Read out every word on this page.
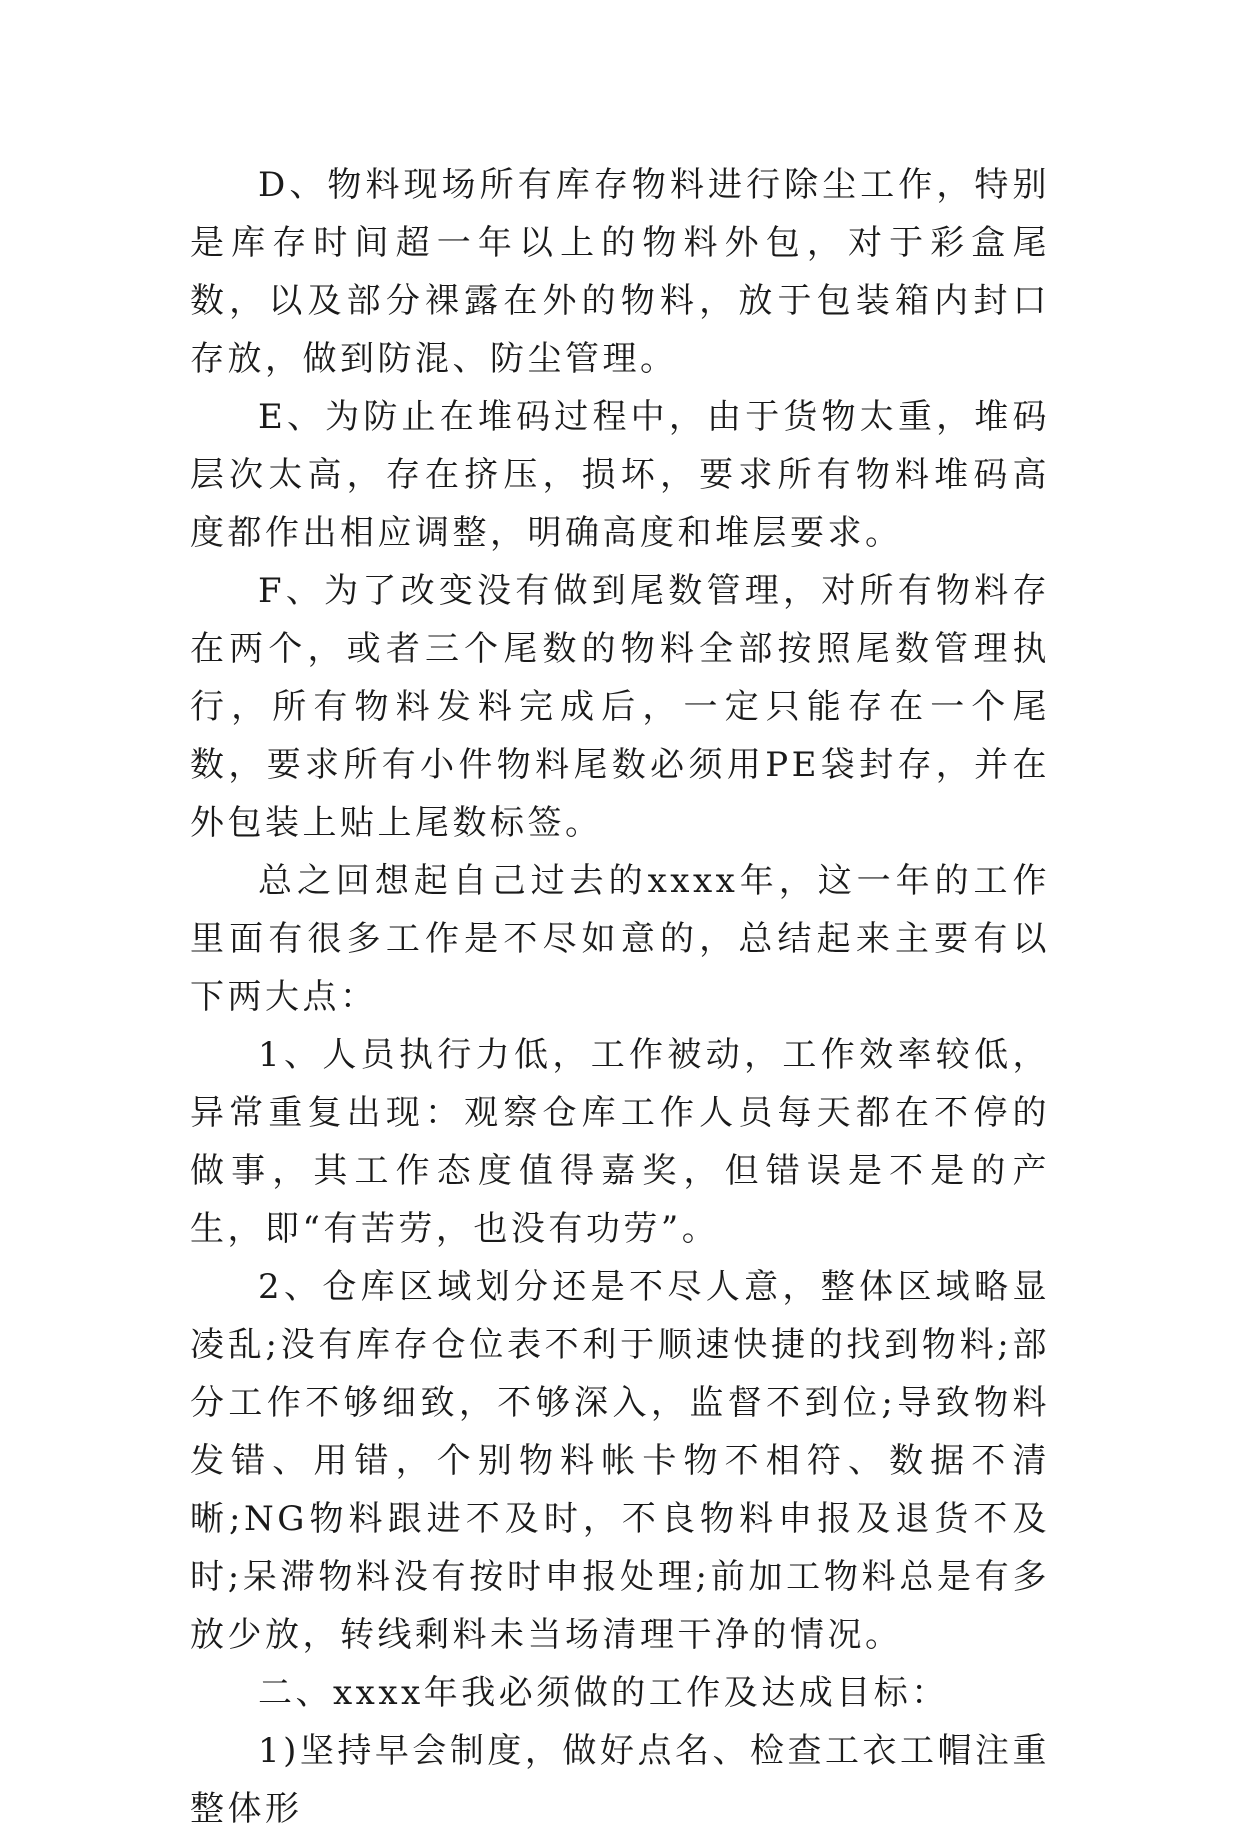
D、物料现场所有库存物料进行除尘工作，特别是库存时间超一年以上的物料外包，对于彩盒尾数，以及部分裸露在外的物料，放于包装箱内封口存放，做到防混、防尘管理。

E、为防止在堆码过程中，由于货物太重，堆码层次太高，存在挤压，损坏，要求所有物料堆码高度都作出相应调整，明确高度和堆层要求。

F、为了改变没有做到尾数管理，对所有物料存在两个，或者三个尾数的物料全部按照尾数管理执行，所有物料发料完成后，一定只能存在一个尾数，要求所有小件物料尾数必须用PE袋封存，并在外包装上贴上尾数标签。

总之回想起自己过去的xxxx年，这一年的工作里面有很多工作是不尽如意的，总结起来主要有以下两大点：

1、人员执行力低，工作被动，工作效率较低，异常重复出现：观察仓库工作人员每天都在不停的做事，其工作态度值得嘉奖，但错误是不是的产生，即“有苦劳，也没有功劳”。

2、仓库区域划分还是不尽人意，整体区域略显凌乱;没有库存仓位表不利于顺速快捷的找到物料;部分工作不够细致，不够深入，监督不到位;导致物料发错、用错，个别物料帐卡物不相符、数据不清晰;NG物料跟进不及时，不良物料申报及退货不及时;呆滞物料没有按时申报处理;前加工物料总是有多放少放，转线剩料未当场清理干净的情况。

二、xxxx年我必须做的工作及达成目标：

1)坚持早会制度，做好点名、检查工衣工帽注重整体形
